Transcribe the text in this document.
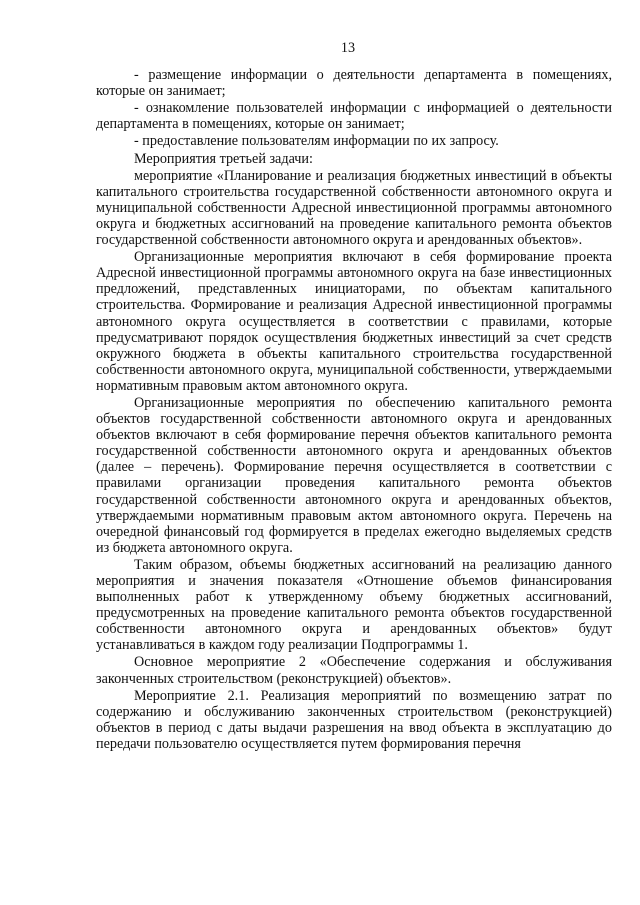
13

- размещение информации о деятельности департамента в помещениях, которые он занимает;

- ознакомление пользователей информации с информацией о деятельности департамента в помещениях, которые он занимает;

- предоставление пользователям информации по их запросу.

Мероприятия третьей задачи:

мероприятие «Планирование и реализация бюджетных инвестиций в объекты капитального строительства государственной собственности автономного округа и муниципальной собственности Адресной инвестиционной программы автономного округа и бюджетных ассигнований на проведение капитального ремонта объектов государственной собственности автономного округа и арендованных объектов».

Организационные мероприятия включают в себя формирование проекта Адресной инвестиционной программы автономного округа на базе инвестиционных предложений, представленных инициаторами, по объектам капитального строительства. Формирование и реализация Адресной инвестиционной программы автономного округа осуществляется в соответствии с правилами, которые предусматривают порядок осуществления бюджетных инвестиций за счет средств окружного бюджета в объекты капитального строительства государственной собственности автономного округа, муниципальной собственности, утверждаемыми нормативным правовым актом автономного округа.

Организационные мероприятия по обеспечению капитального ремонта объектов государственной собственности автономного округа и арендованных объектов включают в себя формирование перечня объектов капитального ремонта государственной собственности автономного округа и арендованных объектов (далее – перечень). Формирование перечня осуществляется в соответствии с правилами организации проведения капитального ремонта объектов государственной собственности автономного округа и арендованных объектов, утверждаемыми нормативным правовым актом автономного округа. Перечень на очередной финансовый год формируется в пределах ежегодно выделяемых средств из бюджета автономного округа.

Таким образом, объемы бюджетных ассигнований на реализацию данного мероприятия и значения показателя «Отношение объемов финансирования выполненных работ к утвержденному объему бюджетных ассигнований, предусмотренных на проведение капитального ремонта объектов государственной собственности автономного округа и арендованных объектов» будут устанавливаться в каждом году реализации Подпрограммы 1.

Основное мероприятие 2 «Обеспечение содержания и обслуживания законченных строительством (реконструкцией) объектов».

Мероприятие 2.1. Реализация мероприятий по возмещению затрат по содержанию и обслуживанию законченных строительством (реконструкцией) объектов в период с даты выдачи разрешения на ввод объекта в эксплуатацию до передачи пользователю осуществляется путем формирования перечня
